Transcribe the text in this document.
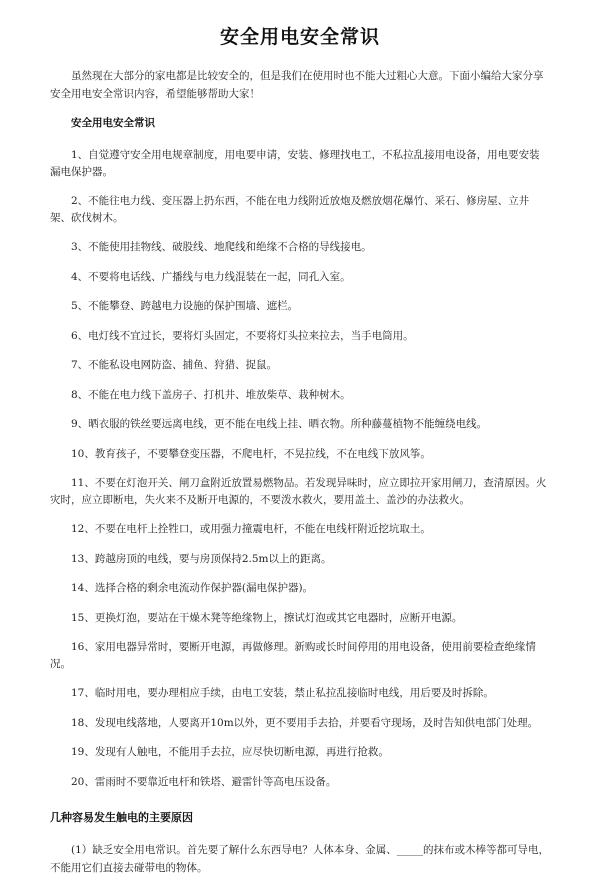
安全用电安全常识

虽然现在大部分的家电都是比较安全的，但是我们在使用时也不能大过粗心大意。下面小编给大家分享安全用电安全常识内容，希望能够帮助大家！

安全用电安全常识

1、自觉遵守安全用电规章制度，用电要申请，安装、修理找电工，不私拉乱接用电设备，用电要安装漏电保护器。

2、不能往电力线、变压器上扔东西，不能在电力线附近放炮及燃放烟花爆竹、采石、修房屋、立井架、砍伐树木。

3、不能使用挂物线、破股线、地爬线和绝缘不合格的导线接电。

4、不要将电话线、广播线与电力线混装在一起，同孔入室。

5、不能攀登、跨越电力设施的保护围墙、遮栏。

6、电灯线不宜过长，要将灯头固定，不要将灯头拉来拉去，当手电筒用。

7、不能私设电网防盗、捕鱼、狩猎、捉鼠。

8、不能在电力线下盖房子、打机井、堆放柴草、栽种树木。

9、晒衣服的铁丝要远离电线，更不能在电线上挂、晒衣物。所种藤蔓植物不能缠绕电线。

10、教育孩子，不要攀登变压器，不爬电杆，不晃拉线，不在电线下放风筝。

11、不要在灯泡开关、闸刀盒附近放置易燃物品。若发现异味时，应立即拉开家用闸刀，查清原因。火灾时，应立即断电，失火来不及断开电源的，不要泼水救火，要用盖土、盖沙的办法救火。

12、不要在电杆上拴牲口，或用强力撞震电杆，不能在电线杆附近挖坑取土。

13、跨越房顶的电线，要与房顶保持2.5m以上的距离。

14、选择合格的剩余电流动作保护器(漏电保护器)。

15、更换灯泡，要站在干燥木凳等绝缘物上，擦试灯泡或其它电器时，应断开电源。

16、家用电器异常时，要断开电源，再做修理。新购或长时间停用的用电设备，使用前要检查绝缘情况。

17、临时用电，要办理相应手续，由电工安装，禁止私拉乱接临时电线，用后要及时拆除。

18、发现电线落地，人要离开10m以外，更不要用手去拾，并要看守现场，及时告知供电部门处理。

19、发现有人触电，不能用手去拉，应尽快切断电源，再进行抢救。

20、雷雨时不要靠近电杆和铁塔、避雷针等高电压设备。

几种容易发生触电的主要原因

(1）缺乏安全用电常识。首先要了解什么东西导电？人体本身、金属、_____的抹布或木棒等都可导电，不能用它们直接去碰带电的物体。
